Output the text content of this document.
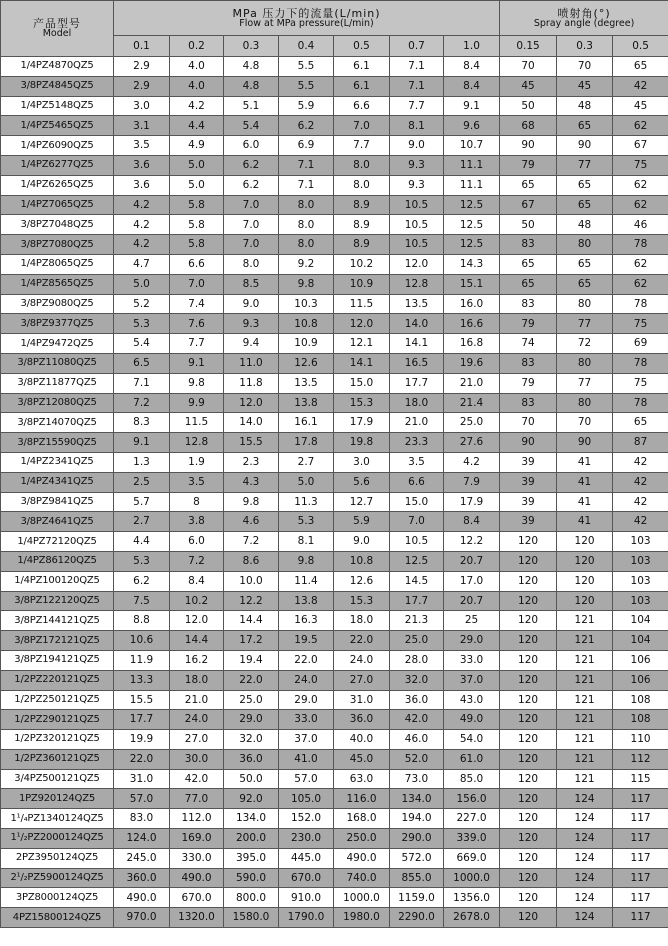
产品型号
Model	MPa 压力下的流量(L/min)
Flow at MPa pressure(L/min)							喷射角(°)
Spray angle (degree)		

	0.1	0.2	0.3	0.4	0.5	0.7	1.0	0.15	0.3	0.5
1/4PZ4870QZ5	2.9	4.0	4.8	5.5	6.1	7.1	8.4	70	70	65
3/8PZ4845QZ5	2.9	4.0	4.8	5.5	6.1	7.1	8.4	45	45	42
1/4PZ5148QZ5	3.0	4.2	5.1	5.9	6.6	7.7	9.1	50	48	45
1/4PZ5465QZ5	3.1	4.4	5.4	6.2	7.0	8.1	9.6	68	65	62
1/4PZ6090QZ5	3.5	4.9	6.0	6.9	7.7	9.0	10.7	90	90	67
1/4PZ6277QZ5	3.6	5.0	6.2	7.1	8.0	9.3	11.1	79	77	75
1/4PZ6265QZ5	3.6	5.0	6.2	7.1	8.0	9.3	11.1	65	65	62
1/4PZ7065QZ5	4.2	5.8	7.0	8.0	8.9	10.5	12.5	67	65	62
3/8PZ7048QZ5	4.2	5.8	7.0	8.0	8.9	10.5	12.5	50	48	46
3/8PZ7080QZ5	4.2	5.8	7.0	8.0	8.9	10.5	12.5	83	80	78
1/4PZ8065QZ5	4.7	6.6	8.0	9.2	10.2	12.0	14.3	65	65	62
1/4PZ8565QZ5	5.0	7.0	8.5	9.8	10.9	12.8	15.1	65	65	62
3/8PZ9080QZ5	5.2	7.4	9.0	10.3	11.5	13.5	16.0	83	80	78
3/8PZ9377QZ5	5.3	7.6	9.3	10.8	12.0	14.0	16.6	79	77	75
1/4PZ9472QZ5	5.4	7.7	9.4	10.9	12.1	14.1	16.8	74	72	69
3/8PZ11080QZ5	6.5	9.1	11.0	12.6	14.1	16.5	19.6	83	80	78
3/8PZ11877QZ5	7.1	9.8	11.8	13.5	15.0	17.7	21.0	79	77	75
3/8PZ12080QZ5	7.2	9.9	12.0	13.8	15.3	18.0	21.4	83	80	78
3/8PZ14070QZ5	8.3	11.5	14.0	16.1	17.9	21.0	25.0	70	70	65
3/8PZ15590QZ5	9.1	12.8	15.5	17.8	19.8	23.3	27.6	90	90	87
1/4PZ2341QZ5	1.3	1.9	2.3	2.7	3.0	3.5	4.2	39	41	42
1/4PZ4341QZ5	2.5	3.5	4.3	5.0	5.6	6.6	7.9	39	41	42
3/8PZ9841QZ5	5.7	8	9.8	11.3	12.7	15.0	17.9	39	41	42
3/8PZ4641QZ5	2.7	3.8	4.6	5.3	5.9	7.0	8.4	39	41	42
1/4PZ72120QZ5	4.4	6.0	7.2	8.1	9.0	10.5	12.2	120	120	103
1/4PZ86120QZ5	5.3	7.2	8.6	9.8	10.8	12.5	20.7	120	120	103
1/4PZ100120QZ5	6.2	8.4	10.0	11.4	12.6	14.5	17.0	120	120	103
3/8PZ122120QZ5	7.5	10.2	12.2	13.8	15.3	17.7	20.7	120	120	103
3/8PZ144121QZ5	8.8	12.0	14.4	16.3	18.0	21.3	25	120	121	104
3/8PZ172121QZ5	10.6	14.4	17.2	19.5	22.0	25.0	29.0	120	121	104
3/8PZ194121QZ5	11.9	16.2	19.4	22.0	24.0	28.0	33.0	120	121	106
1/2PZ220121QZ5	13.3	18.0	22.0	24.0	27.0	32.0	37.0	120	121	106
1/2PZ250121QZ5	15.5	21.0	25.0	29.0	31.0	36.0	43.0	120	121	108
1/2PZ290121QZ5	17.7	24.0	29.0	33.0	36.0	42.0	49.0	120	121	108
1/2PZ320121QZ5	19.9	27.0	32.0	37.0	40.0	46.0	54.0	120	121	110
1/2PZ360121QZ5	22.0	30.0	36.0	41.0	45.0	52.0	61.0	120	121	112
3/4PZ500121QZ5	31.0	42.0	50.0	57.0	63.0	73.0	85.0	120	121	115
1PZ920124QZ5	57.0	77.0	92.0	105.0	116.0	134.0	156.0	120	124	117
1¹/₄PZ1340124QZ5	83.0	112.0	134.0	152.0	168.0	194.0	227.0	120	124	117
1¹/₂PZ2000124QZ5	124.0	169.0	200.0	230.0	250.0	290.0	339.0	120	124	117
2PZ3950124QZ5	245.0	330.0	395.0	445.0	490.0	572.0	669.0	120	124	117
2¹/₂PZ5900124QZ5	360.0	490.0	590.0	670.0	740.0	855.0	1000.0	120	124	117
3PZ8000124QZ5	490.0	670.0	800.0	910.0	1000.0	1159.0	1356.0	120	124	117
4PZ15800124QZ5	970.0	1320.0	1580.0	1790.0	1980.0	2290.0	2678.0	120	124	117
